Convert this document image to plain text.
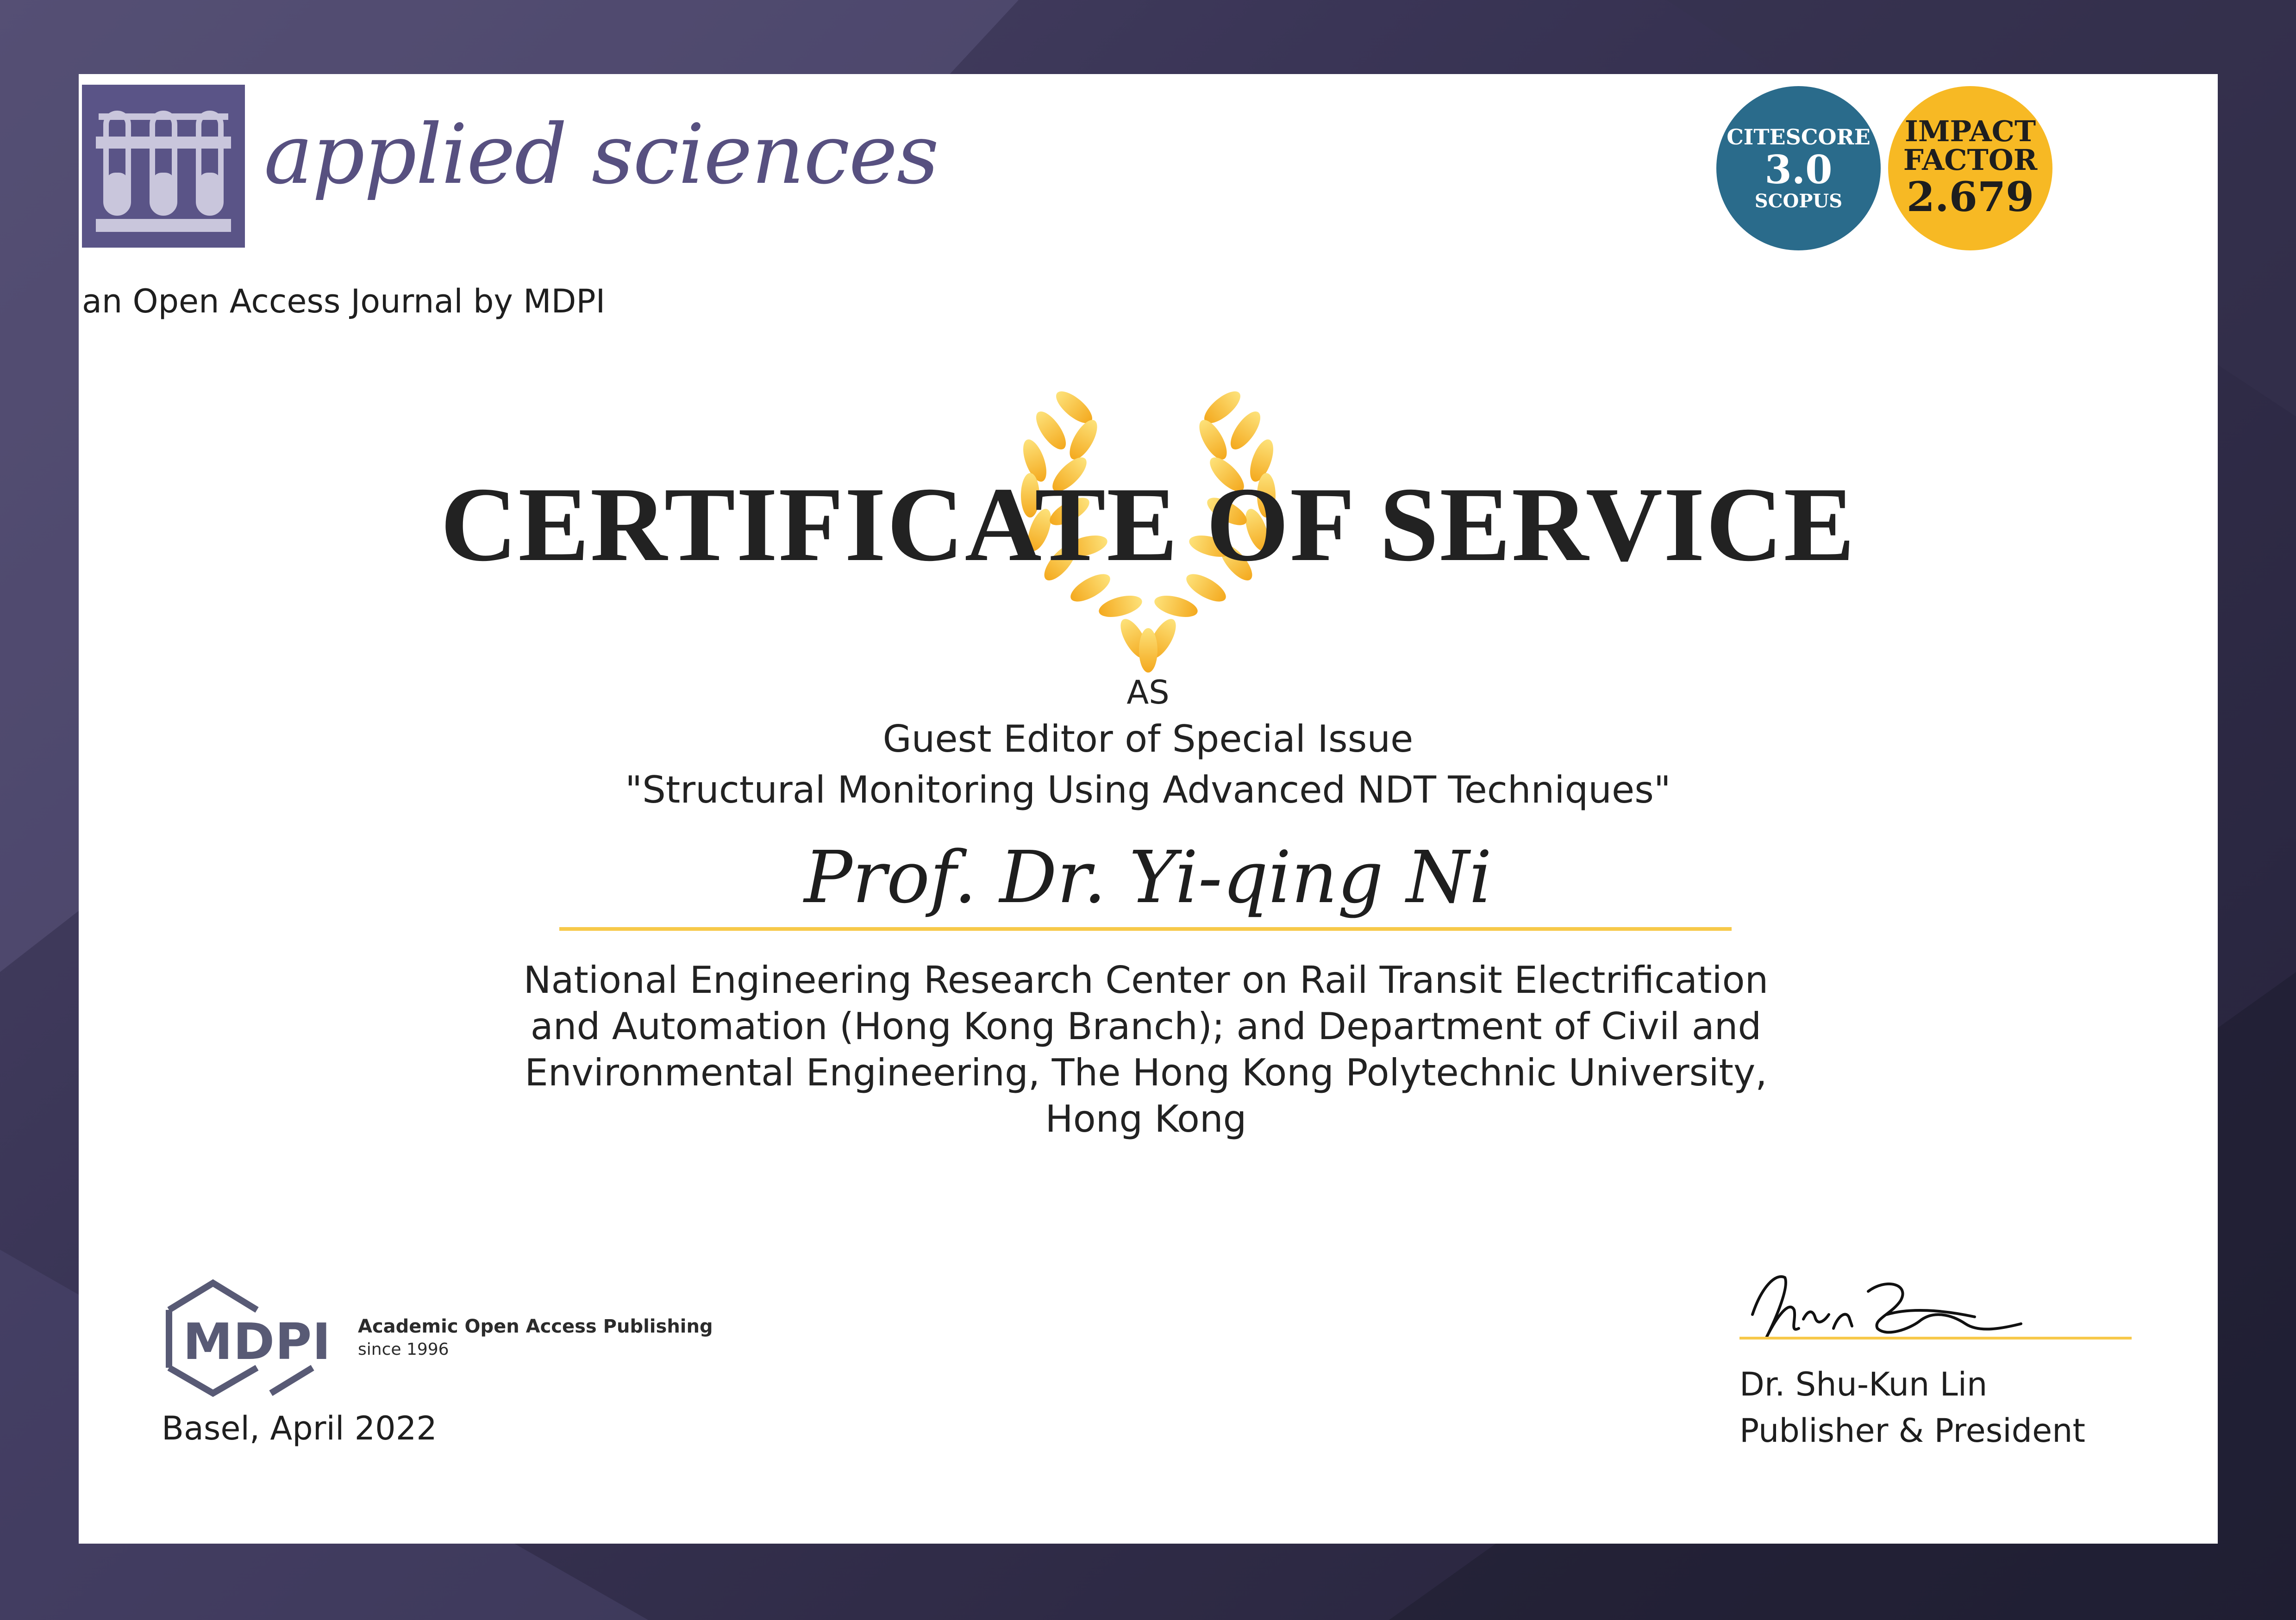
applied sciences
an Open Access Journal by MDPI
CITESCORE
3.0
SCOPUS
IMPACT
FACTOR
2.679
CERTIFICATE OF SERVICE
AS
Guest Editor of Special Issue
"Structural Monitoring Using Advanced NDT Techniques"
Prof. Dr. Yi-qing Ni
National Engineering Research Center on Rail Transit Electrification and Automation (Hong Kong Branch); and Department of Civil and Environmental Engineering, The Hong Kong Polytechnic University, Hong Kong
MDPI Academic Open Access Publishing
since 1996
Basel, April 2022
Dr. Shu-Kun Lin
Publisher & President
